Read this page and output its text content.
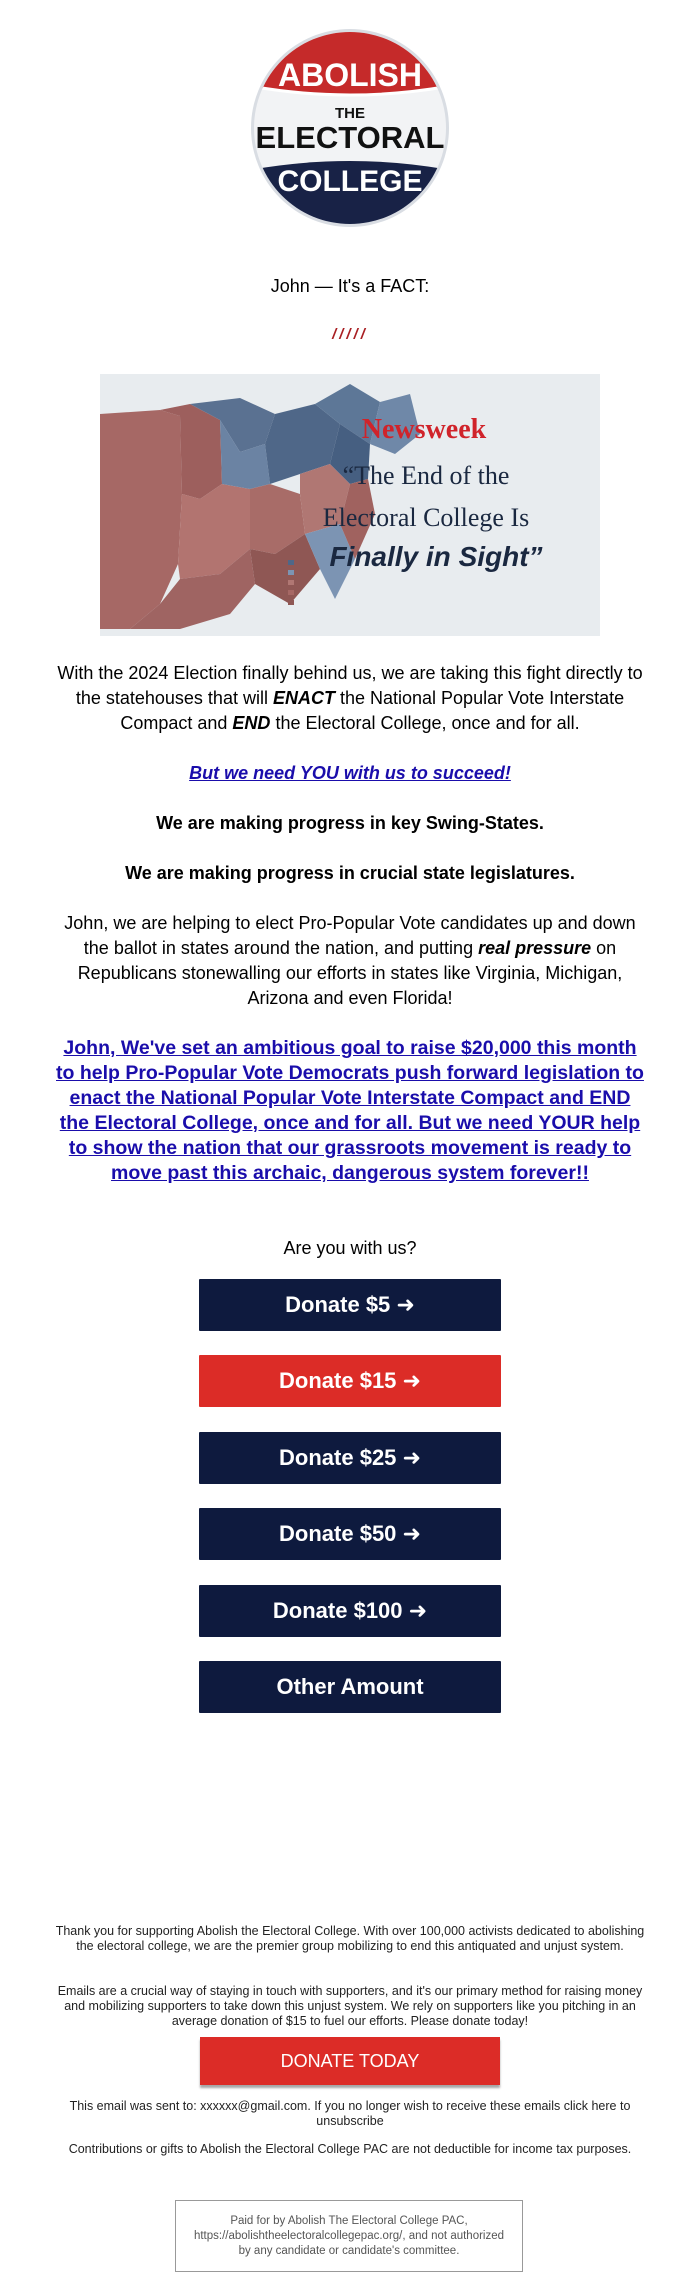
ABOLISH
THE
ELECTORAL
COLLEGE
John — It's a FACT:
/////
Newsweek
“The End of the
Electoral College Is
Finally in Sight”
With the 2024 Election finally behind us, we are taking this fight directly to the statehouses that will ENACT the National Popular Vote Interstate Compact and END the Electoral College, once and for all.
But we need YOU with us to succeed!
We are making progress in key Swing-States.
We are making progress in crucial state legislatures.
John, we are helping to elect Pro-Popular Vote candidates up and down the ballot in states around the nation, and putting real pressure on Republicans stonewalling our efforts in states like Virginia, Michigan, Arizona and even Florida!
John, We've set an ambitious goal to raise $20,000 this month to help Pro-Popular Vote Democrats push forward legislation to enact the National Popular Vote Interstate Compact and END the Electoral College, once and for all. But we need YOUR help to show the nation that our grassroots movement is ready to move past this archaic, dangerous system forever!!
Are you with us?
Donate $5 ➜
Donate $15 ➜
Donate $25 ➜
Donate $50 ➜
Donate $100 ➜
Other Amount
Thank you for supporting Abolish the Electoral College. With over 100,000 activists dedicated to abolishing the electoral college, we are the premier group mobilizing to end this antiquated and unjust system.
Emails are a crucial way of staying in touch with supporters, and it's our primary method for raising money and mobilizing supporters to take down this unjust system. We rely on supporters like you pitching in an average donation of $15 to fuel our efforts. Please donate today!
DONATE TODAY
This email was sent to: xxxxxx@gmail.com. If you no longer wish to receive these emails click here to unsubscribe
Contributions or gifts to Abolish the Electoral College PAC are not deductible for income tax purposes.
Paid for by Abolish The Electoral College PAC, https://abolishtheelectoralcollegepac.org/, and not authorized by any candidate or candidate's committee.
